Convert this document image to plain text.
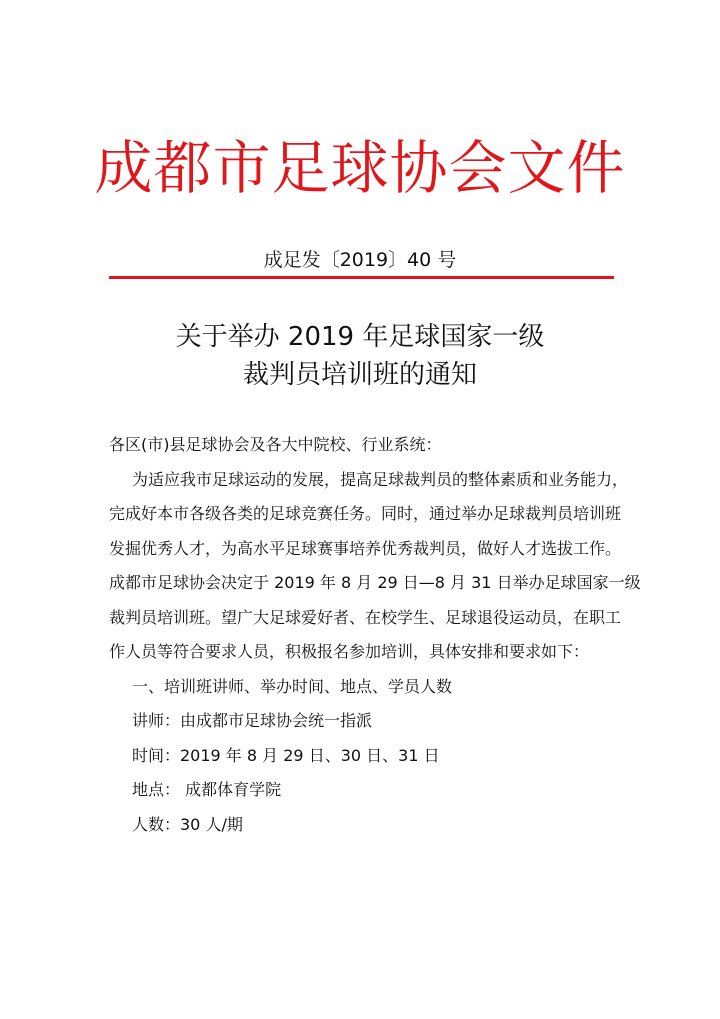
成都市足球协会文件
成足发〔2019〕40 号
关于举办 2019 年足球国家一级
裁判员培训班的通知

各区(市)县足球协会及各大中院校、行业系统：

为适应我市足球运动的发展，提高足球裁判员的整体素质和业务能力，

完成好本市各级各类的足球竞赛任务。同时，通过举办足球裁判员培训班

发掘优秀人才，为高水平足球赛事培养优秀裁判员，做好人才选拔工作。

成都市足球协会决定于 2019 年 8 月 29 日—8 月 31 日举办足球国家一级

裁判员培训班。望广大足球爱好者、在校学生、足球退役运动员，在职工

作人员等符合要求人员，积极报名参加培训，具体安排和要求如下：

一、培训班讲师、举办时间、地点、学员人数

讲师：由成都市足球协会统一指派

时间：2019 年 8 月 29 日、30 日、31 日

地点： 成都体育学院

人数：30 人/期
